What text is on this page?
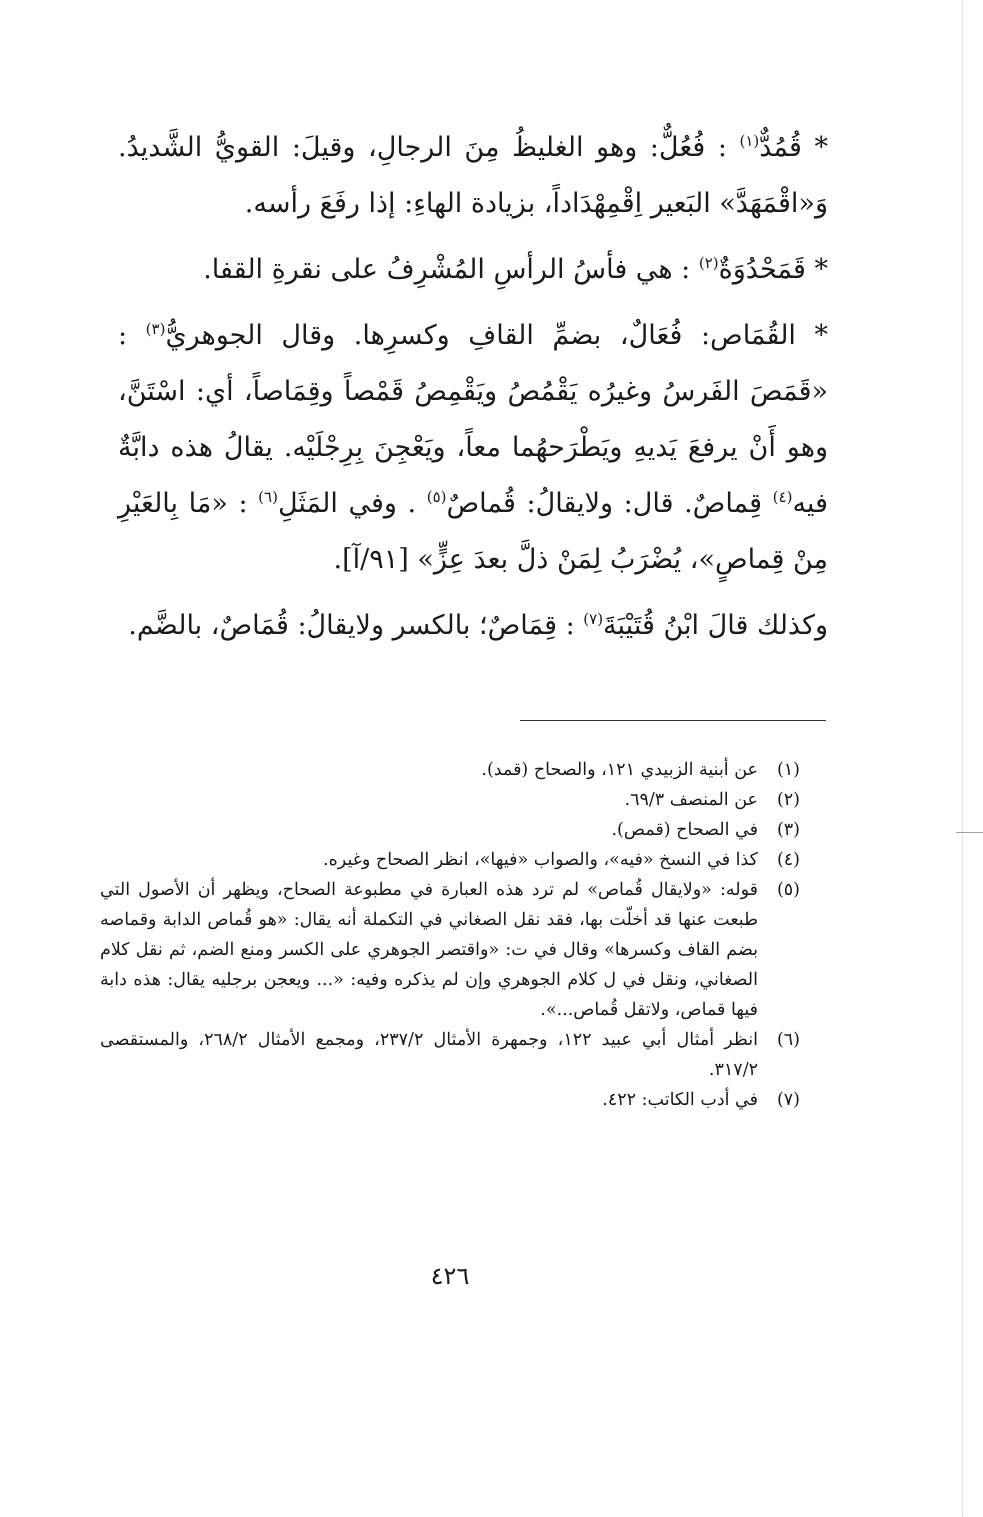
* قُمُدٌّ$^{(١)}$ : فُعُلٌّ: وهو الغليظُ مِنَ الرجالِ، وقيلَ: القويُّ الشَّديدُ. وَ«اقْمَهَدَّ» البَعير اِقْمِهْدَاداً، بزيادة الهاءِ: إذا رفَعَ رأسه.

* قَمَحْدُوَةٌ$^{(٢)}$ : هي فأسُ الرأسِ المُشْرِفُ على نقرةِ القفا.

* القُمَاص: فُعَالٌ، بضمِّ القافِ وكسرِها. وقال الجوهريُّ$^{(٣)}$ : «قَمَصَ الفَرسُ وغيرُه يَقْمُصُ ويَقْمِصُ قَمْصاً وقِمَاصاً، أي: اسْتَنَّ، وهو أَنْ يرفعَ يَديهِ ويَطْرَحهُما معاً، ويَعْجِنَ بِرِجْلَيْه. يقالُ هذه دابَّةٌ فيه$^{(٤)}$ قِماصٌ. قال: ولايقالُ: قُماصٌ$^{(٥)}$ . وفي المَثَلِ$^{(٦)}$ : «مَا بِالعَيْرِ مِنْ قِماصٍ»، يُضْرَبُ لِمَنْ ذلَّ بعدَ عِزٍّ» [٩١/آ].

وكذلك قالَ ابْنُ قُتَيْبَةَ$^{(٧)}$ : قِمَاصٌ؛ بالكسر ولايقالُ: قُمَاصٌ، بالضَّم.

(١)
عن أبنية الزبيدي ١٢١، والصحاح (قمد).
(٢)
عن المنصف ٦٩/٣.
(٣)
في الصحاح (قمص).
(٤)
كذا في النسخ «فيه»، والصواب «فيها»، انظر الصحاح وغيره.
(٥)
قوله: «ولايقال قُماص» لم ترد هذه العبارة في مطبوعة الصحاح، ويظهر أن الأصول التي طبعت عنها قد أخلّت بها، فقد نقل الصغاني في التكملة أنه يقال: «هو قُماص الدابة وقماصه بضم القاف وكسرها» وقال في ت: «واقتصر الجوهري على الكسر ومنع الضم، ثم نقل كلام الصغاني، ونقل في ل كلام الجوهري وإن لم يذكره وفيه: «... ويعجن برجليه يقال: هذه دابة فيها قماص، ولاتقل قُماص...».
(٦)
انظر أمثال أبي عبيد ١٢٢، وجمهرة الأمثال ٢٣٧/٢، ومجمع الأمثال ٢٦٨/٢، والمستقصى ٣١٧/٢.
(٧)
في أدب الكاتب: ٤٢٢.
٤٢٦
